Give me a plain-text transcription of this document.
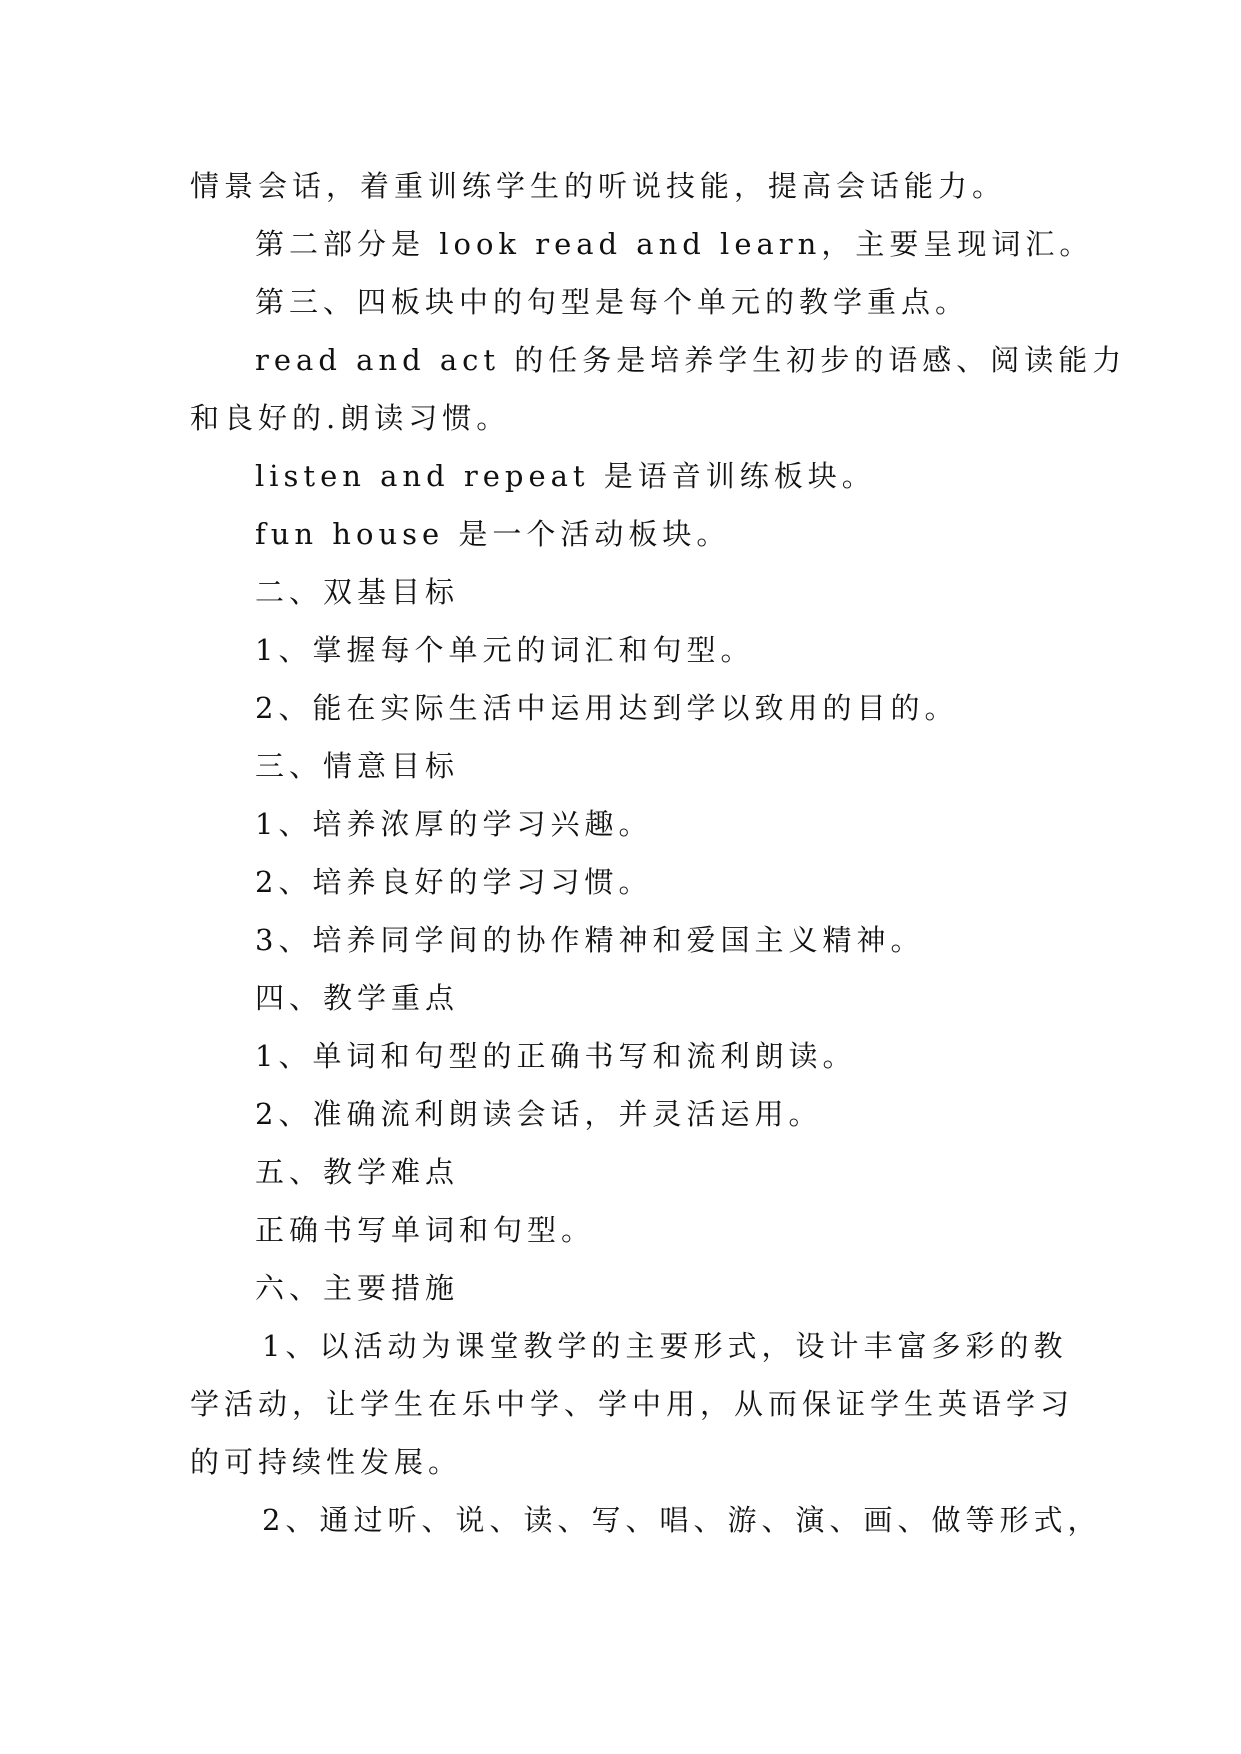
情景会话，着重训练学生的听说技能，提高会话能力。
第二部分是 look read and learn，主要呈现词汇。
第三、四板块中的句型是每个单元的教学重点。
read and act 的任务是培养学生初步的语感、阅读能力
和良好的.朗读习惯。
listen and repeat 是语音训练板块。
fun house 是一个活动板块。
二、双基目标
1、掌握每个单元的词汇和句型。
2、能在实际生活中运用达到学以致用的目的。
三、情意目标
1、培养浓厚的学习兴趣。
2、培养良好的学习习惯。
3、培养同学间的协作精神和爱国主义精神。
四、教学重点
1、单词和句型的正确书写和流利朗读。
2、准确流利朗读会话，并灵活运用。
五、教学难点
正确书写单词和句型。
六、主要措施
1、以活动为课堂教学的主要形式，设计丰富多彩的教
学活动，让学生在乐中学、学中用，从而保证学生英语学习
的可持续性发展。
2、通过听、说、读、写、唱、游、演、画、做等形式，
